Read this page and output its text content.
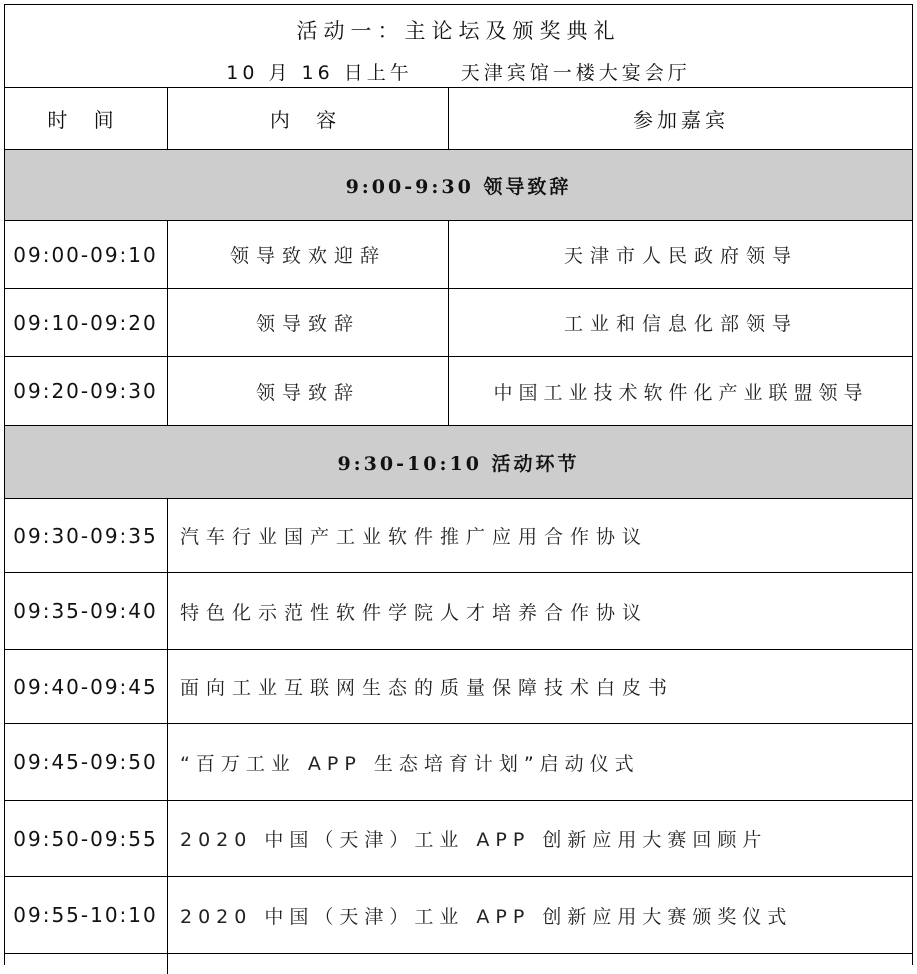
活动一：主论坛及颁奖典礼
10 月 16 日上午	天津宾馆一楼大宴会厅
时 间	内 容	参加嘉宾
9:00-9:30 领导致辞
09:00-09:10	领导致欢迎辞	天津市人民政府领导
09:10-09:20	领导致辞	工业和信息化部领导
09:20-09:30	领导致辞	中国工业技术软件化产业联盟领导
9:30-10:10 活动环节
09:30-09:35 汽车行业国产工业软件推广应用合作协议
09:35-09:40 特色化示范性软件学院人才培养合作协议
09:40-09:45 面向工业互联网生态的质量保障技术白皮书
09:45-09:50 “百万工业 APP 生态培育计划”启动仪式
09:50-09:55 2020 中国（天津）工业 APP 创新应用大赛回顾片
09:55-10:10 2020 中国（天津）工业 APP 创新应用大赛颁奖仪式
